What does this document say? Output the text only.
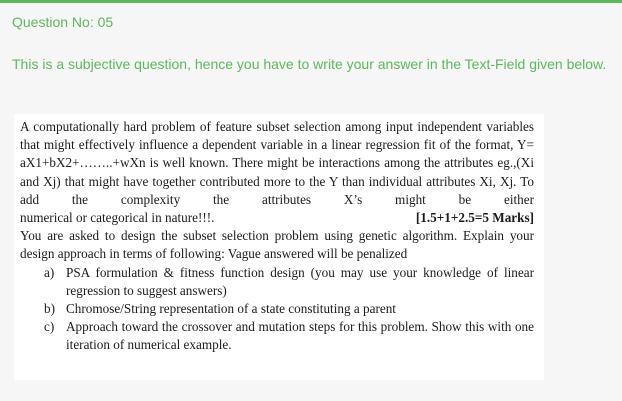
Question No: 05
This is a subjective question, hence you have to write your answer in the Text-Field given below.

A computationally hard problem of feature subset selection among input independent variables that might effectively influence a dependent variable in a linear regression fit of the format, Y= aX1+bX2+……..+wXn is well known. There might be interactions among the attributes eg.,(Xi and Xj) that might have together contributed more to the Y than individual attributes Xi, Xj. To add the complexity the attributes X’s might be either

numerical or categorical in nature!!!.	[1.5+1+2.5=5 Marks]

You are asked to design the subset selection problem using genetic algorithm. Explain your design approach in terms of following: Vague answered will be penalized

a) PSA formulation & fitness function design (you may use your knowledge of linear regression to suggest answers)
b) Chromose/String representation of a state constituting a parent
c) Approach toward the crossover and mutation steps for this problem. Show this with one iteration of numerical example.
